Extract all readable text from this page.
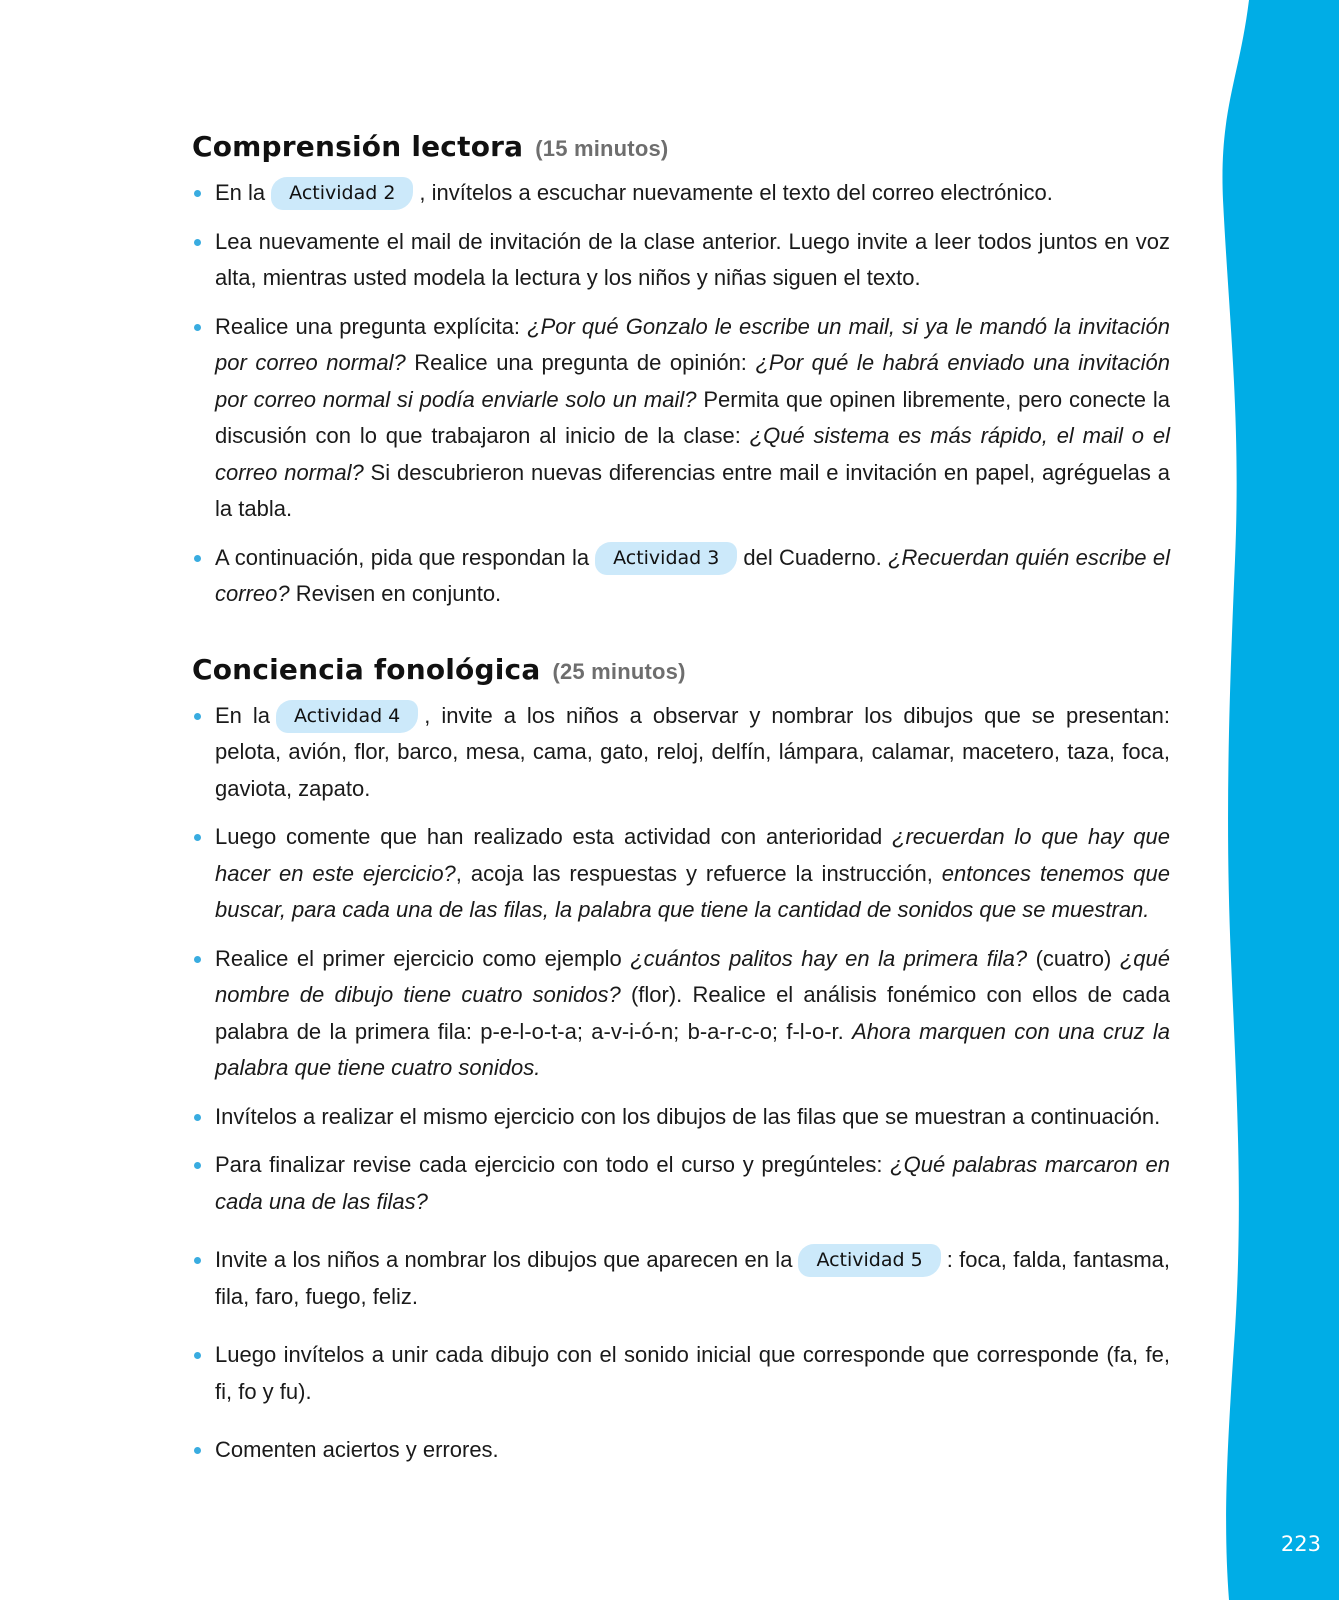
223
Comprensión lectora (15 minutos)
En la Actividad 2 , invítelos a escuchar nuevamente el texto del correo electrónico.
Lea nuevamente el mail de invitación de la clase anterior. Luego invite a leer todos juntos en voz alta, mientras usted modela la lectura y los niños y niñas siguen el texto.
Realice una pregunta explícita: ¿Por qué Gonzalo le escribe un mail, si ya le mandó la invitación por correo normal? Realice una pregunta de opinión: ¿Por qué le habrá enviado una invitación por correo normal si podía enviarle solo un mail? Permita que opinen libremente, pero conecte la discusión con lo que trabajaron al inicio de la clase: ¿Qué sistema es más rápido, el mail o el correo normal? Si descubrieron nuevas diferencias entre mail e invitación en papel, agréguelas a la tabla.
A continuación, pida que respondan la Actividad 3 del Cuaderno. ¿Recuerdan quién escribe el correo? Revisen en conjunto.
Conciencia fonológica (25 minutos)
En la Actividad 4 , invite a los niños a observar y nombrar los dibujos que se presentan: pelota, avión, flor, barco, mesa, cama, gato, reloj, delfín, lámpara, calamar, macetero, taza, foca, gaviota, zapato.
Luego comente que han realizado esta actividad con anterioridad ¿recuerdan lo que hay que hacer en este ejercicio?, acoja las respuestas y refuerce la instrucción, entonces tenemos que buscar, para cada una de las filas, la palabra que tiene la cantidad de sonidos que se muestran.
Realice el primer ejercicio como ejemplo ¿cuántos palitos hay en la primera fila? (cuatro) ¿qué nombre de dibujo tiene cuatro sonidos? (flor). Realice el análisis fonémico con ellos de cada palabra de la primera fila: p-e-l-o-t-a; a-v-i-ó-n; b-a-r-c-o; f-l-o-r. Ahora marquen con una cruz la palabra que tiene cuatro sonidos.
Invítelos a realizar el mismo ejercicio con los dibujos de las filas que se muestran a continuación.
Para finalizar revise cada ejercicio con todo el curso y pregúnteles: ¿Qué palabras marcaron en cada una de las filas?
Invite a los niños a nombrar los dibujos que aparecen en la Actividad 5 : foca, falda, fantasma, fila, faro, fuego, feliz.
Luego invítelos a unir cada dibujo con el sonido inicial que corresponde que corresponde (fa, fe, fi, fo y fu).
Comenten aciertos y errores.
